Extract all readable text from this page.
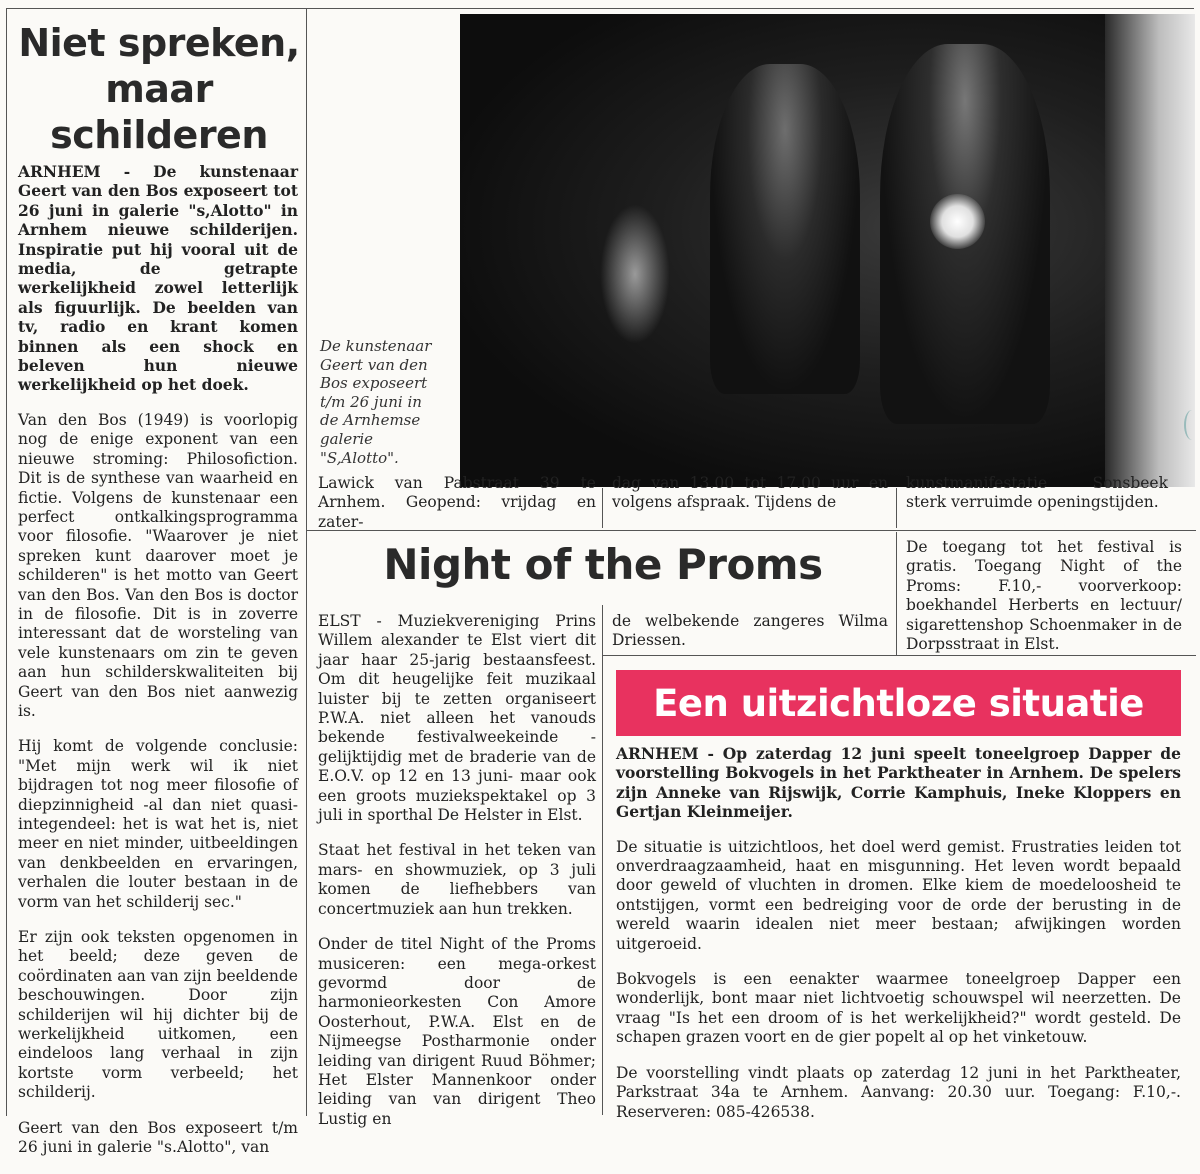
Niet spreken,
maar schilderen

ARNHEM - De kunstenaar Geert van den Bos exposeert tot 26 juni in galerie "s,Alotto" in Arnhem nieuwe schilderijen. Inspiratie put hij vooral uit de media, de getrapte werkelijkheid zowel letterlijk als figuurlijk. De beelden van tv, radio en krant komen binnen als een shock en beleven hun nieuwe werkelijkheid op het doek.

Van den Bos (1949) is voorlopig nog de enige exponent van een nieuwe stroming: Philosofiction. Dit is de synthese van waarheid en fictie. Volgens de kunstenaar een perfect ontkalkingsprogramma voor filosofie. "Waarover je niet spreken kunt daarover moet je schilderen" is het motto van Geert van den Bos. Van den Bos is doctor in de filosofie. Dit is in zoverre interessant dat de worsteling van vele kunstenaars om zin te geven aan hun schilderskwaliteiten bij Geert van den Bos niet aanwezig is.

Hij komt de volgende conclusie: "Met mijn werk wil ik niet bijdragen tot nog meer filosofie of diepzinnigheid -al dan niet quasi- integendeel: het is wat het is, niet meer en niet minder, uitbeeldingen van denkbeelden en ervaringen, verhalen die louter bestaan in de vorm van het schilderij sec."

Er zijn ook teksten opgenomen in het beeld; deze geven de coördinaten aan van zijn beeldende beschouwingen. Door zijn schilderijen wil hij dichter bij de werkelijkheid uitkomen, een eindeloos lang verhaal in zijn kortste vorm verbeeld; het schilderij.

Geert van den Bos exposeert t/m 26 juni in galerie "s.Alotto", van

De kunstenaar
Geert van den
Bos exposeert
t/m 26 juni in
de Arnhemse
galerie
"S,Alotto".
Lawick van Pabstraat 39 te Arnhem. Geopend: vrijdag en zater-
dag van 13.00 tot 17.00 uur en volgens afspraak. Tijdens de
kunstmanifestatie Sonsbeek sterk verruimde openingstijden.
Night of the Proms

ELST - Muziekvereniging Prins Willem alexander te Elst viert dit jaar haar 25-jarig bestaansfeest. Om dit heugelijke feit muzikaal luister bij te zetten organiseert P.W.A. niet alleen het vanouds bekende festivalweekeinde -gelijktijdig met de braderie van de E.O.V. op 12 en 13 juni- maar ook een groots muziekspektakel op 3 juli in sporthal De Helster in Elst.

Staat het festival in het teken van mars- en showmuziek, op 3 juli komen de liefhebbers van concertmuziek aan hun trekken.

Onder de titel Night of the Proms musiceren: een mega-orkest gevormd door de harmonieorkesten Con Amore Oosterhout, P.W.A. Elst en de Nijmeegse Postharmonie onder leiding van dirigent Ruud Böhmer; Het Elster Mannenkoor onder leiding van van dirigent Theo Lustig en

de welbekende zangeres Wilma Driessen.
De toegang tot het festival is gratis. Toegang Night of the Proms: F.10,- voorverkoop: boekhandel Herberts en lectuur/ sigarettenshop Schoenmaker in de Dorpsstraat in Elst.
Een uitzichtloze situatie

ARNHEM - Op zaterdag 12 juni speelt toneelgroep Dapper de voorstelling Bokvogels in het Parktheater in Arnhem. De spelers zijn Anneke van Rijswijk, Corrie Kamphuis, Ineke Kloppers en Gertjan Kleinmeijer.

De situatie is uitzichtloos, het doel werd gemist. Frustraties leiden tot onverdraagzaamheid, haat en misgunning. Het leven wordt bepaald door geweld of vluchten in dromen. Elke kiem de moedeloosheid te ontstijgen, vormt een bedreiging voor de orde der berusting in de wereld waarin idealen niet meer bestaan; afwijkingen worden uitgeroeid.

Bokvogels is een eenakter waarmee toneelgroep Dapper een wonderlijk, bont maar niet lichtvoetig schouwspel wil neerzetten. De vraag "Is het een droom of is het werkelijkheid?" wordt gesteld. De schapen grazen voort en de gier popelt al op het vinketouw.

De voorstelling vindt plaats op zaterdag 12 juni in het Parktheater, Parkstraat 34a te Arnhem. Aanvang: 20.30 uur. Toegang: F.10,-. Reserveren: 085-426538.
